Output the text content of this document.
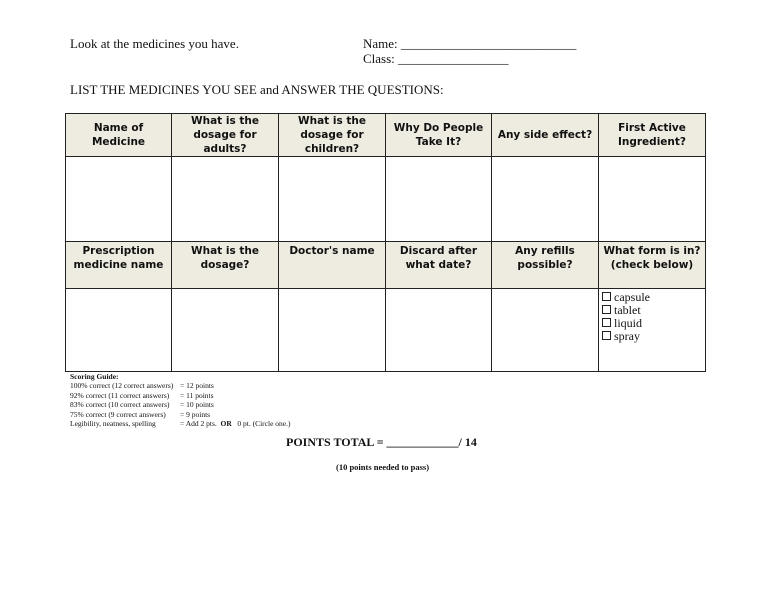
Look at the medicines you have.	Name: ___________________________
Class: _________________
LIST THE MEDICINES YOU SEE and ANSWER THE QUESTIONS:
Name of Medicine	What is the dosage for adults?	What is the dosage for children?	Why Do People Take It?	Any side effect?	First Active Ingredient?

Prescription medicine name	What is the dosage?	Doctor's name	Discard after what date?	Any refills possible?	What form is in? (check below)

					capsule
tablet
liquid
spray
Scoring Guide:
100% correct (12 correct answers) = 12 points
92% correct (11 correct answers)	= 11 points
83% correct (10 correct answers)	= 10 points
75% correct (9 correct answers)	= 9 points
Legibility, neatness, spelling	= Add 2 pts. OR 0 pt. (Circle one.)
POINTS TOTAL = ____________/ 14
(10 points needed to pass)
